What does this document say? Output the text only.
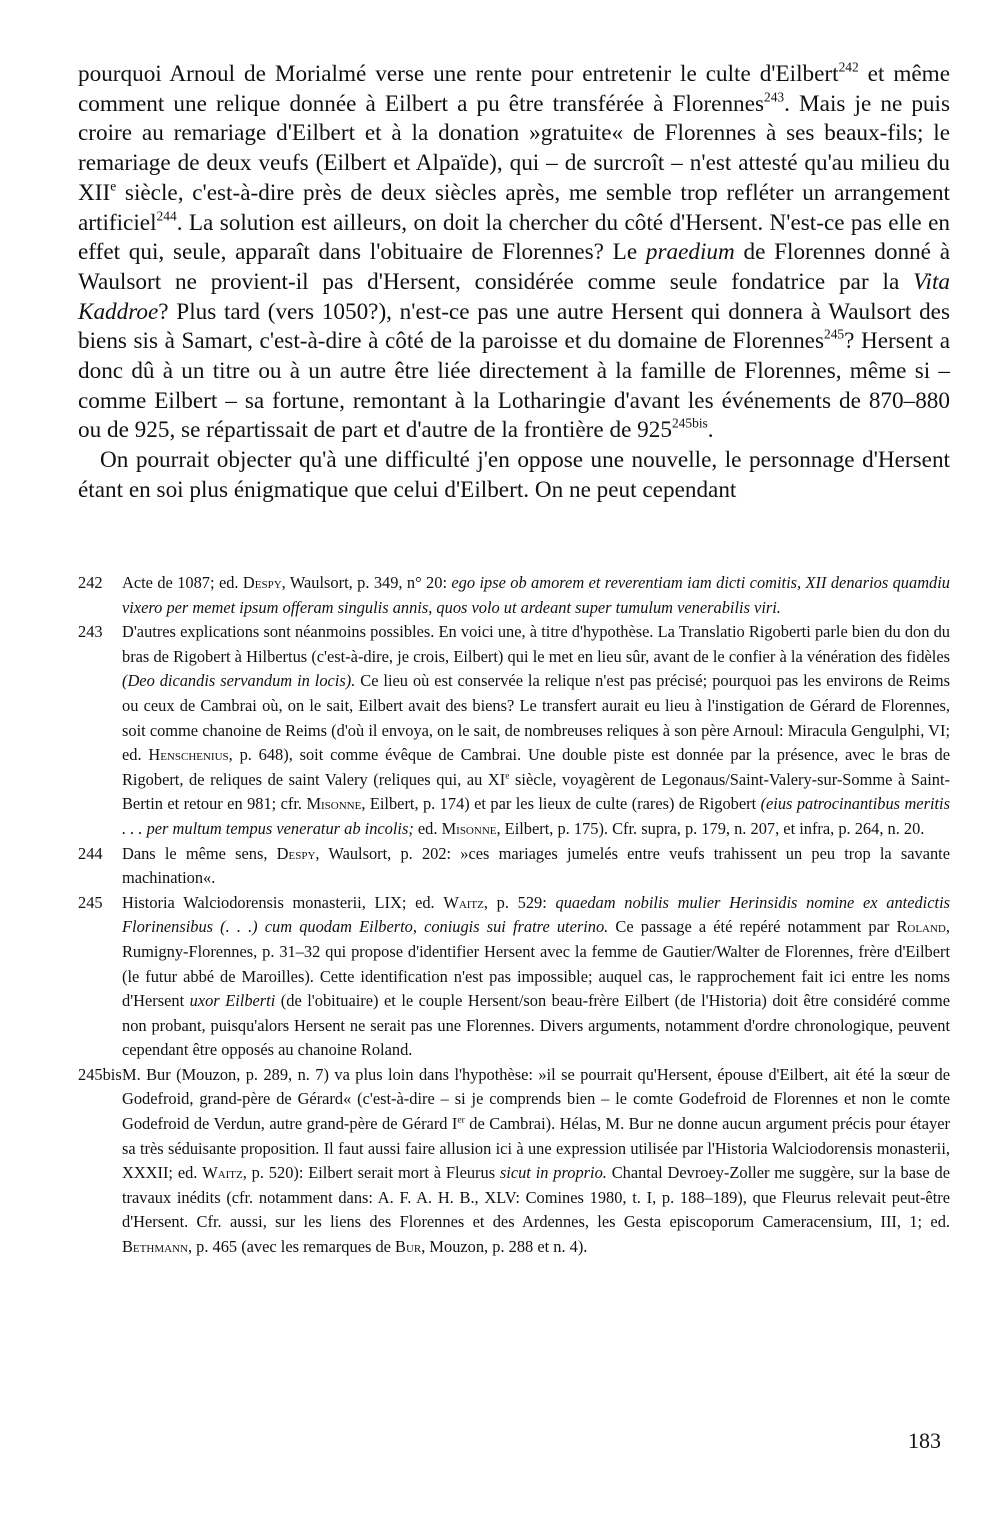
pourquoi Arnoul de Morialmé verse une rente pour entretenir le culte d'Eilbert$^{242}$ et même comment une relique donnée à Eilbert a pu être transférée à Florennes$^{243}$. Mais je ne puis croire au remariage d'Eilbert et à la donation »gratuite« de Florennes à ses beaux-fils; le remariage de deux veufs (Eilbert et Alpaïde), qui – de surcroît – n'est attesté qu'au milieu du XIIe siècle, c'est-à-dire près de deux siècles après, me semble trop refléter un arrangement artificiel$^{244}$. La solution est ailleurs, on doit la chercher du côté d'Hersent. N'est-ce pas elle en effet qui, seule, apparaît dans l'obituaire de Florennes? Le praedium de Florennes donné à Waulsort ne provient-il pas d'Hersent, considérée comme seule fondatrice par la Vita Kaddroe? Plus tard (vers 1050?), n'est-ce pas une autre Hersent qui donnera à Waulsort des biens sis à Samart, c'est-à-dire à côté de la paroisse et du domaine de Florennes$^{245}$? Hersent a donc dû à un titre ou à un autre être liée directement à la famille de Florennes, même si – comme Eilbert – sa fortune, remontant à la Lotharingie d'avant les événements de 870–880 ou de 925, se répartissait de part et d'autre de la frontière de $925^{245bis}$.

On pourrait objecter qu'à une difficulté j'en oppose une nouvelle, le personnage d'Hersent étant en soi plus énigmatique que celui d'Eilbert. On ne peut cependant

242 Acte de 1087; ed. Despy, Waulsort, p. 349, n° 20: ego ipse ob amorem et reverentiam iam dicti comitis, XII denarios quamdiu vixero per memet ipsum offeram singulis annis, quos volo ut ardeant super tumulum venerabilis viri.
243 D'autres explications sont néanmoins possibles. En voici une, à titre d'hypothèse. La Translatio Rigoberti parle bien du don du bras de Rigobert à Hilbertus (c'est-à-dire, je crois, Eilbert) qui le met en lieu sûr, avant de le confier à la vénération des fidèles (Deo dicandis servandum in locis). Ce lieu où est conservée la relique n'est pas précisé; pourquoi pas les environs de Reims ou ceux de Cambrai où, on le sait, Eilbert avait des biens? Le transfert aurait eu lieu à l'instigation de Gérard de Florennes, soit comme chanoine de Reims (d'où il envoya, on le sait, de nombreuses reliques à son père Arnoul: Miracula Gengulphi, VI; ed. Henschenius, p. 648), soit comme évêque de Cambrai. Une double piste est donnée par la présence, avec le bras de Rigobert, de reliques de saint Valery (reliques qui, au XIe siècle, voyagèrent de Legonaus/Saint-Valery-sur-Somme à Saint-Bertin et retour en 981; cfr. Misonne, Eilbert, p. 174) et par les lieux de culte (rares) de Rigobert (eius patrocinantibus meritis . . . per multum tempus veneratur ab incolis; ed. Misonne, Eilbert, p. 175). Cfr. supra, p. 179, n. 207, et infra, p. 264, n. 20.
244 Dans le même sens, Despy, Waulsort, p. 202: »ces mariages jumelés entre veufs trahissent un peu trop la savante machination«.
245 Historia Walciodorensis monasterii, LIX; ed. Waitz, p. 529: quaedam nobilis mulier Herinsidis nomine ex antedictis Florinensibus (. . .) cum quodam Eilberto, coniugis sui fratre uterino. Ce passage a été repéré notamment par Roland, Rumigny-Florennes, p. 31–32 qui propose d'identifier Hersent avec la femme de Gautier/Walter de Florennes, frère d'Eilbert (le futur abbé de Maroilles). Cette identification n'est pas impossible; auquel cas, le rapprochement fait ici entre les noms d'Hersent uxor Eilberti (de l'obituaire) et le couple Hersent/son beau-frère Eilbert (de l'Historia) doit être considéré comme non probant, puisqu'alors Hersent ne serait pas une Florennes. Divers arguments, notamment d'ordre chronologique, peuvent cependant être opposés au chanoine Roland.
245bis M. Bur (Mouzon, p. 289, n. 7) va plus loin dans l'hypothèse: »il se pourrait qu'Hersent, épouse d'Eilbert, ait été la sœur de Godefroid, grand-père de Gérard« (c'est-à-dire – si je comprends bien – le comte Godefroid de Florennes et non le comte Godefroid de Verdun, autre grand-père de Gérard Ier de Cambrai). Hélas, M. Bur ne donne aucun argument précis pour étayer sa très séduisante proposition. Il faut aussi faire allusion ici à une expression utilisée par l'Historia Walciodorensis monasterii, XXXII; ed. Waitz, p. 520): Eilbert serait mort à Fleurus sicut in proprio. Chantal Devroey-Zoller me suggère, sur la base de travaux inédits (cfr. notamment dans: A. F. A. H. B., XLV: Comines 1980, t. I, p. 188–189), que Fleurus relevait peut-être d'Hersent. Cfr. aussi, sur les liens des Florennes et des Ardennes, les Gesta episcoporum Cameracensium, III, 1; ed. Bethmann, p. 465 (avec les remarques de Bur, Mouzon, p. 288 et n. 4).
183
